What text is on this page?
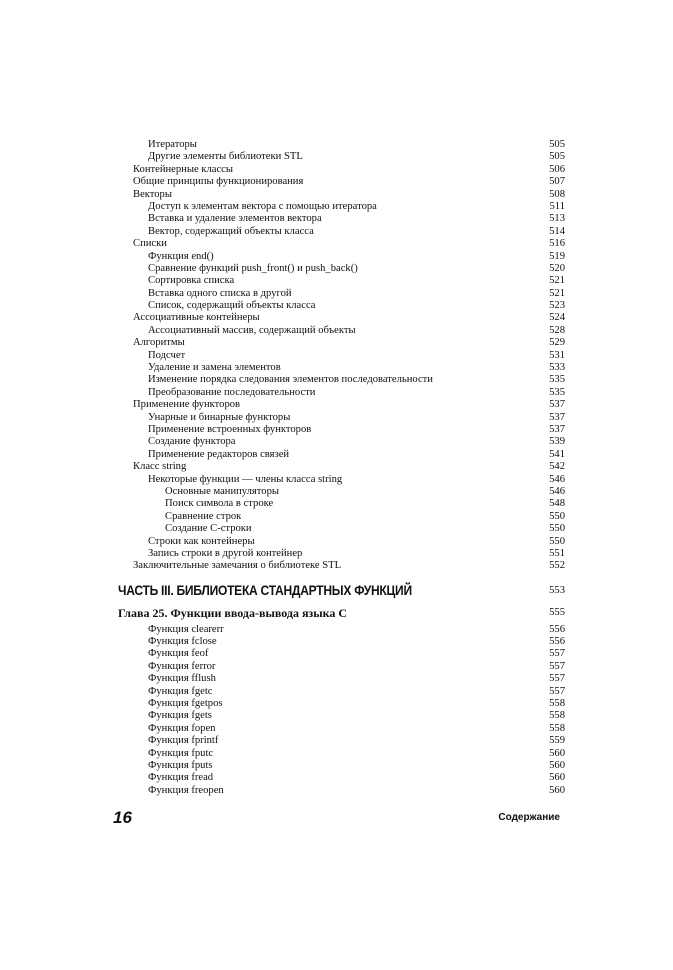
Итераторы	505
Другие элементы библиотеки STL	505
Контейнерные классы	506
Общие принципы функционирования	507
Векторы	508
Доступ к элементам вектора с помощью итератора	511
Вставка и удаление элементов вектора	513
Вектор, содержащий объекты класса	514
Списки	516
Функция end()	519
Сравнение функций push_front() и push_back()	520
Сортировка списка	521
Вставка одного списка в другой	521
Список, содержащий объекты класса	523
Ассоциативные контейнеры	524
Ассоциативный массив, содержащий объекты	528
Алгоритмы	529
Подсчет	531
Удаление и замена элементов	533
Изменение порядка следования элементов последовательности	535
Преобразование последовательности	535
Применение функторов	537
Унарные и бинарные функторы	537
Применение встроенных функторов	537
Создание функтора	539
Применение редакторов связей	541
Класс string	542
Некоторые функции — члены класса string	546
Основные манипуляторы	546
Поиск символа в строке	548
Сравнение строк	550
Создание С-строки	550
Строки как контейнеры	550
Запись строки в другой контейнер	551
Заключительные замечания о библиотеке STL	552
ЧАСТЬ III. БИБЛИОТЕКА СТАНДАРТНЫХ ФУНКЦИЙ	553
Глава 25. Функции ввода-вывода языка С	555
Функция clearerr	556
Функция fclose	556
Функция feof	557
Функция ferror	557
Функция fflush	557
Функция fgetc	557
Функция fgetpos	558
Функция fgets	558
Функция fopen	558
Функция fprintf	559
Функция fputc	560
Функция fputs	560
Функция fread	560
Функция freopen	560
16	Содержание
